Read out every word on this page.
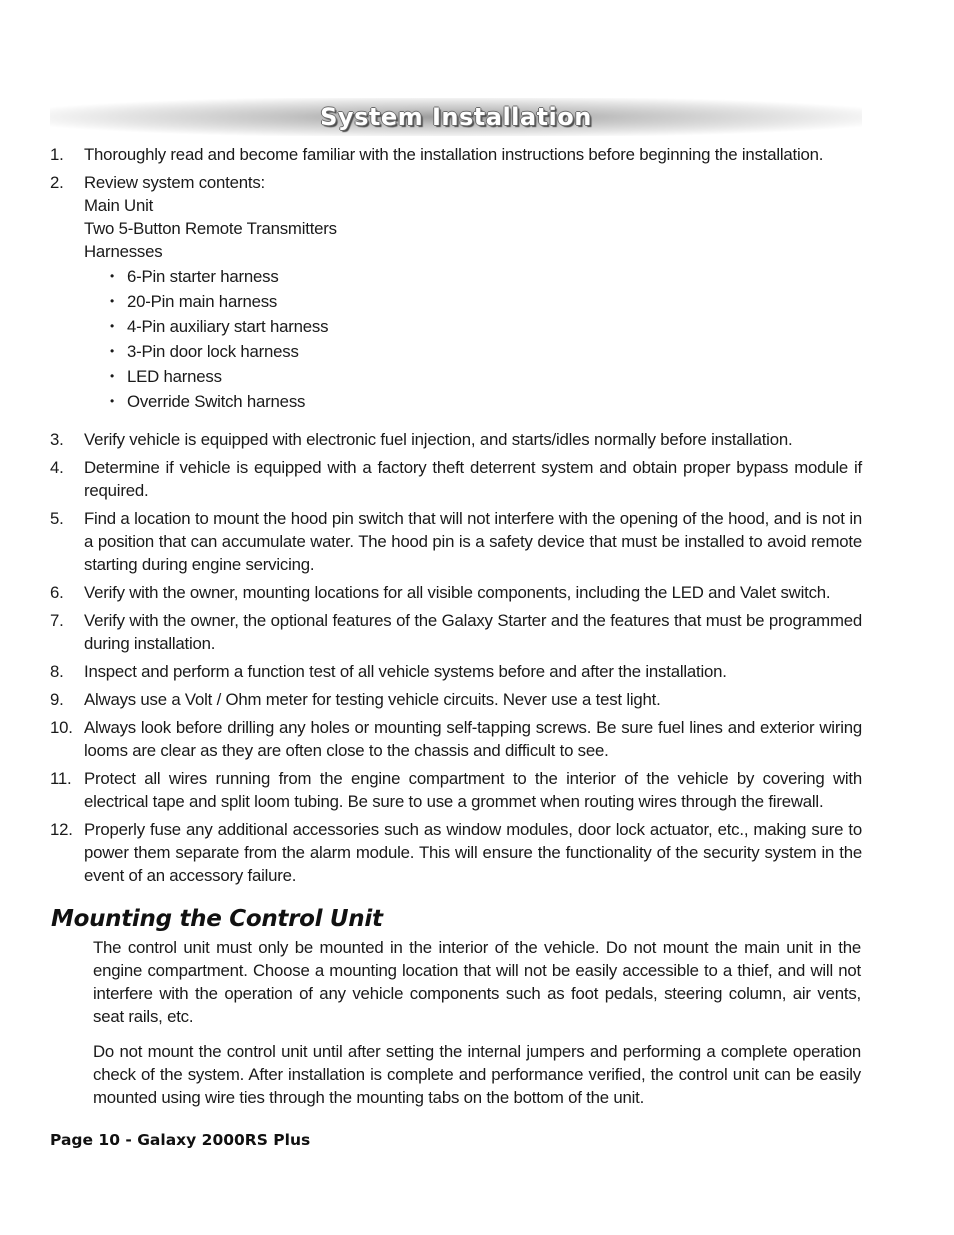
System Installation
1. Thoroughly read and become familiar with the installation instructions before beginning the installation.
2. Review system contents:
Main Unit
Two 5-Button Remote Transmitters
Harnesses
• 6-Pin starter harness
• 20-Pin main harness
• 4-Pin auxiliary start harness
• 3-Pin door lock harness
• LED harness
• Override Switch harness
3. Verify vehicle is equipped with electronic fuel injection, and starts/idles normally before installation.
4. Determine if vehicle is equipped with a factory theft deterrent system and obtain proper bypass module if required.
5. Find a location to mount the hood pin switch that will not interfere with the opening of the hood, and is not in a position that can accumulate water. The hood pin is a safety device that must be installed to avoid remote starting during engine servicing.
6. Verify with the owner, mounting locations for all visible components, including the LED and Valet switch.
7. Verify with the owner, the optional features of the Galaxy Starter and the features that must be programmed during installation.
8. Inspect and perform a function test of all vehicle systems before and after the installation.
9. Always use a Volt / Ohm meter for testing vehicle circuits. Never use a test light.
10. Always look before drilling any holes or mounting self-tapping screws. Be sure fuel lines and exterior wiring looms are clear as they are often close to the chassis and difficult to see.
11. Protect all wires running from the engine compartment to the interior of the vehicle by covering with electrical tape and split loom tubing. Be sure to use a grommet when routing wires through the firewall.
12. Properly fuse any additional accessories such as window modules, door lock actuator, etc., making sure to power them separate from the alarm module. This will ensure the functionality of the security system in the event of an accessory failure.
Mounting the Control Unit
The control unit must only be mounted in the interior of the vehicle. Do not mount the main unit in the engine compartment. Choose a mounting location that will not be easily accessible to a thief, and will not interfere with the operation of any vehicle components such as foot pedals, steering column, air vents, seat rails, etc.
Do not mount the control unit until after setting the internal jumpers and performing a complete operation check of the system. After installation is complete and performance verified, the control unit can be easily mounted using wire ties through the mounting tabs on the bottom of the unit.
Page 10 - Galaxy 2000RS Plus
